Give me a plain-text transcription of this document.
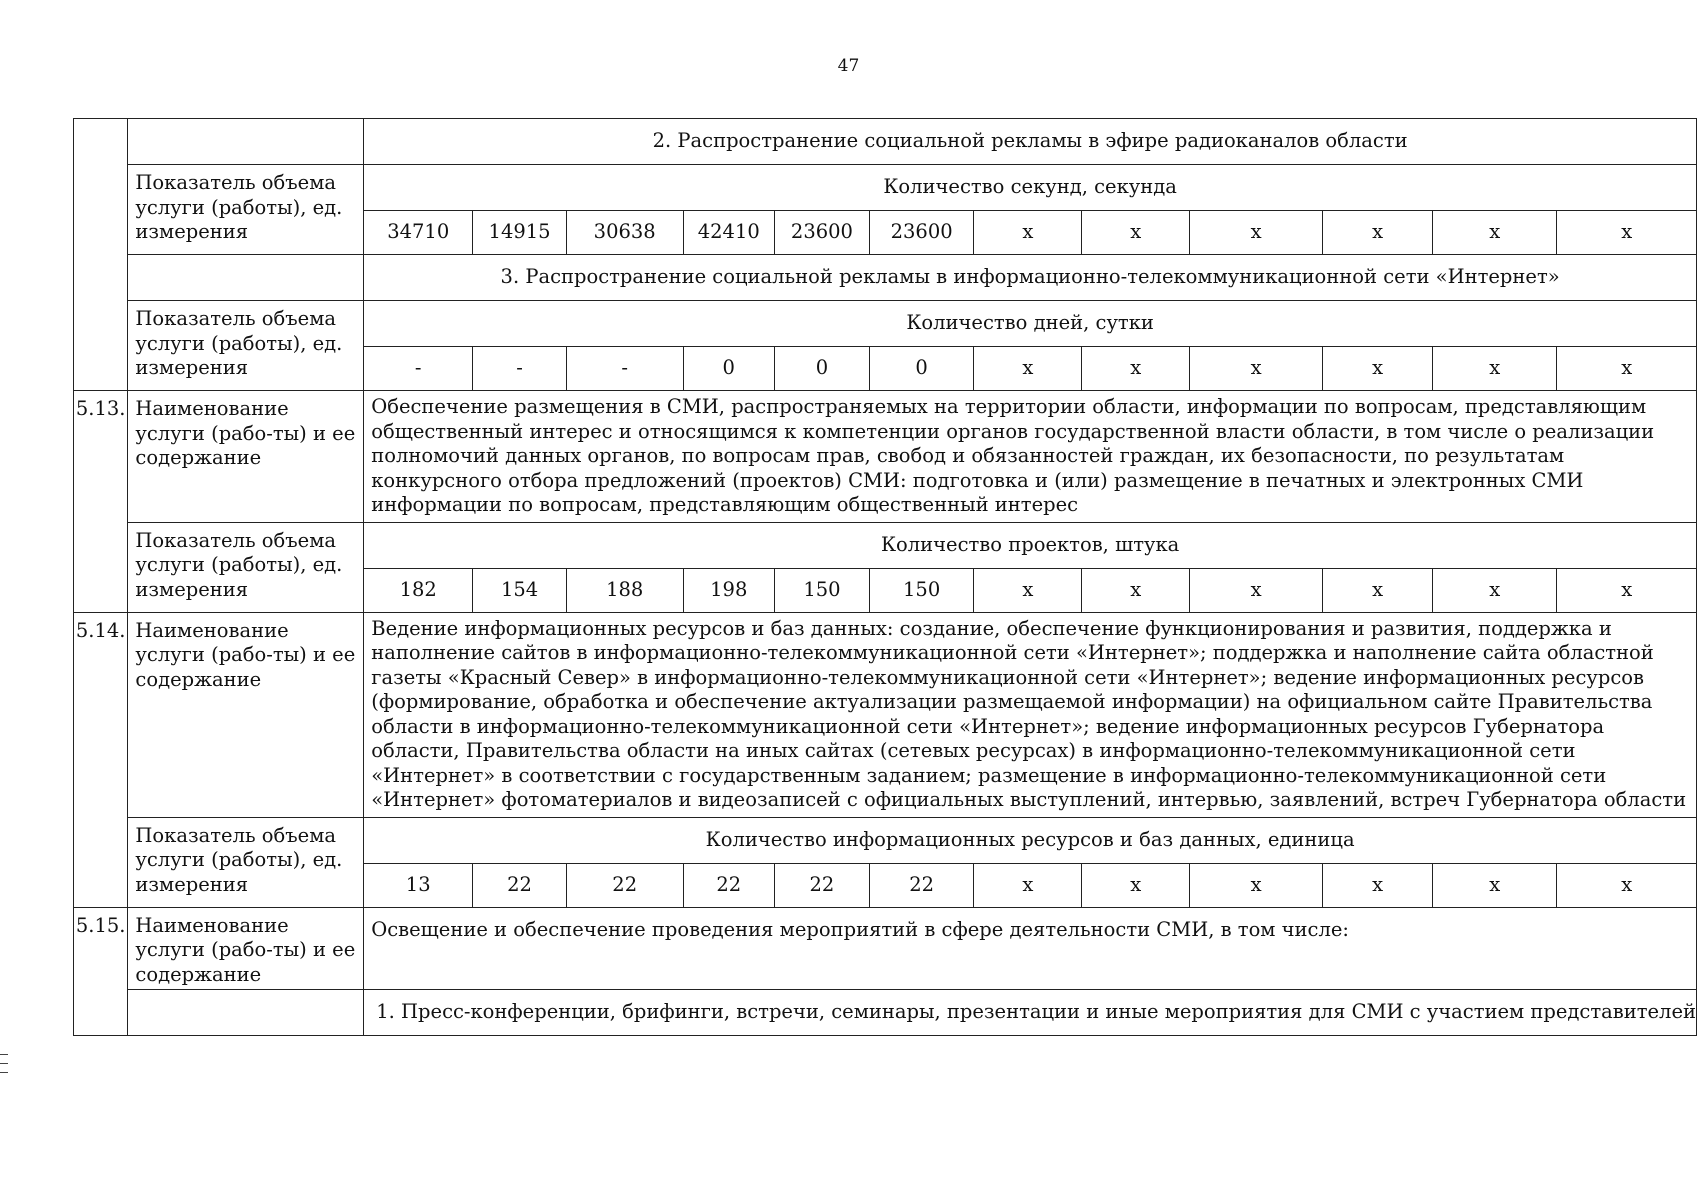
47
		2. Распространение социальной рекламы в эфире радиоканалов области											
	Показатель объема услуги (работы), ед. измерения	Количество секунд, секунда											
		34710	14915	30638	42410	23600	23600	х	х	х	х	х	х
		3. Распространение социальной рекламы в информационно-телекоммуникационной сети «Интернет»											
	Показатель объема услуги (работы), ед. измерения	Количество дней, сутки											
		-	-	-	0	0	0	х	х	х	х	х	х
5.13.	Наименование услуги (рабо-ты) и ее содержание	Обеспечение размещения в СМИ, распространяемых на территории области, информации по вопросам, представляющим общественный интерес и относящимся к компетенции органов государственной власти области, в том числе о реализации полномочий данных органов, по вопросам прав, свобод и обязанностей граждан, их безопасности, по результатам конкурсного отбора предложений (проектов) СМИ: подготовка и (или) размещение в печатных и электронных СМИ информации по вопросам, представляющим общественный интерес											
	Показатель объема услуги (работы), ед. измерения	Количество проектов, штука											
		182	154	188	198	150	150	х	х	х	х	х	х
5.14.	Наименование услуги (рабо-ты) и ее содержание	Ведение информационных ресурсов и баз данных: создание, обеспечение функционирования и развития, поддержка и наполнение сайтов в информационно-телекоммуникационной сети «Интернет»; поддержка и наполнение сайта областной газеты «Красный Север» в информационно-телекоммуникационной сети «Интернет»; ведение информационных ресурсов (формирование, обработка и обеспечение актуализации размещаемой информации) на официальном сайте Правительства области в информационно-телекоммуникационной сети «Интернет»; ведение информационных ресурсов Губернатора области, Правительства области на иных сайтах (сетевых ресурсах) в информационно-телекоммуникационной сети «Интернет» в соответствии с государственным заданием; размещение в информационно-телекоммуникационной сети «Интернет» фотоматериалов и видеозаписей с официальных выступлений, интервью, заявлений, встреч Губернатора области											
	Показатель объема услуги (работы), ед. измерения	Количество информационных ресурсов и баз данных, единица											
		13	22	22	22	22	22	х	х	х	х	х	х
5.15.	Наименование услуги (рабо-ты) и ее содержание	Освещение и обеспечение проведения мероприятий в сфере деятельности СМИ, в том числе:											
		1. Пресс-конференции, брифинги, встречи, семинары, презентации и иные мероприятия для СМИ с участием представителей											
